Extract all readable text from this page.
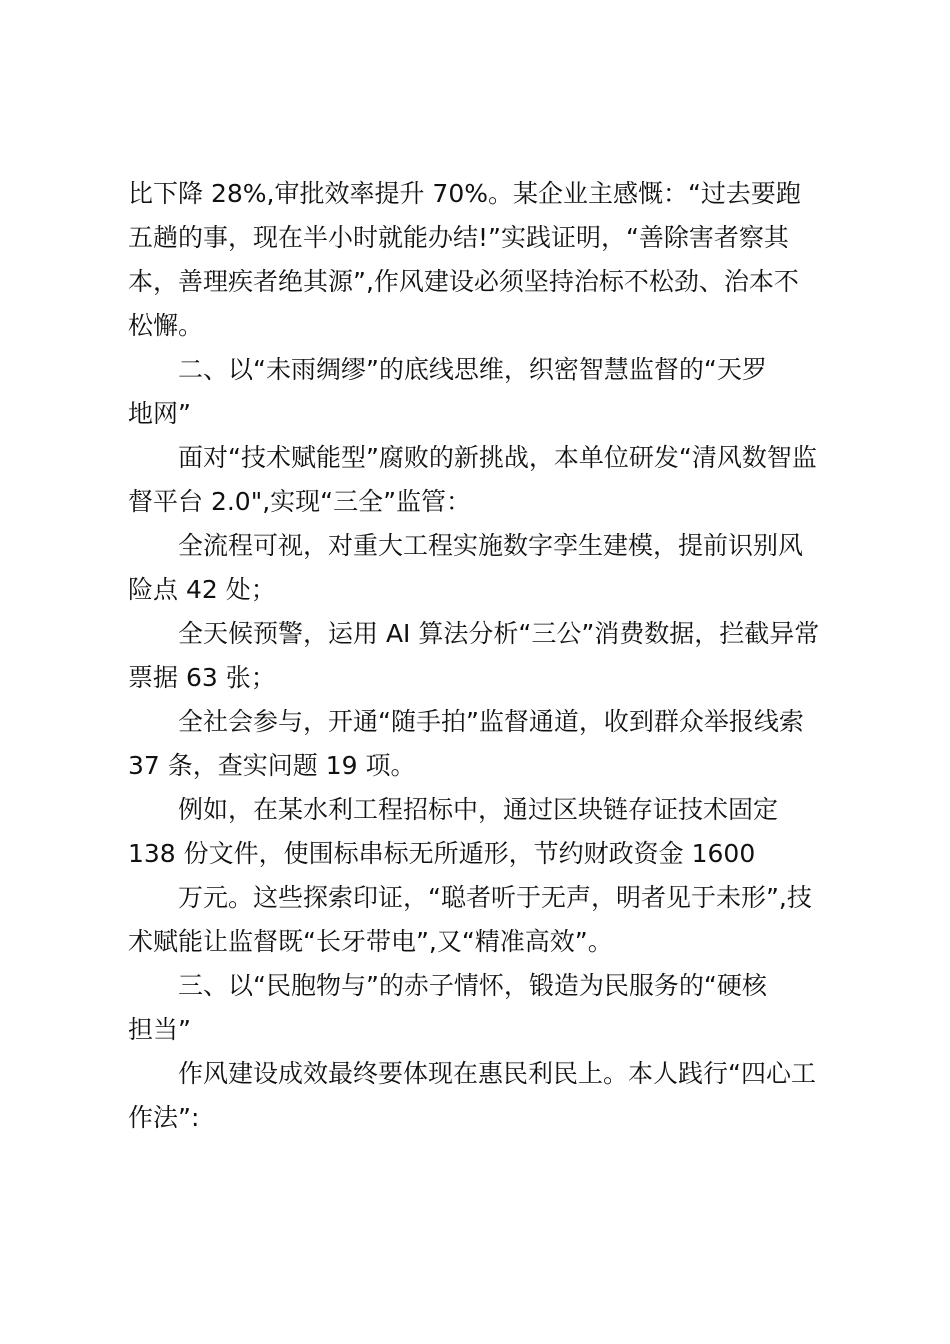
比下降 28%,审批效率提升 70%。某企业主感慨：“过去要跑
五趟的事，现在半小时就能办结!”实践证明，“善除害者察其
本，善理疾者绝其源”,作风建设必须坚持治标不松劲、治本不
松懈。
二、以“未雨绸缪”的底线思维，织密智慧监督的“天罗
地网”
面对“技术赋能型”腐败的新挑战，本单位研发“清风数智监
督平台 2.0",实现“三全”监管：
全流程可视，对重大工程实施数字孪生建模，提前识别风
险点 42 处；
全天候预警，运用 AI 算法分析“三公”消费数据，拦截异常
票据 63 张；
全社会参与，开通“随手拍”监督通道，收到群众举报线索
37 条，查实问题 19 项。
例如，在某水利工程招标中，通过区块链存证技术固定
138 份文件，使围标串标无所遁形，节约财政资金 1600
万元。这些探索印证，“聪者听于无声，明者见于未形”,技
术赋能让监督既“长牙带电”,又“精准高效”。
三、以“民胞物与”的赤子情怀，锻造为民服务的“硬核
担当”
作风建设成效最终要体现在惠民利民上。本人践行“四心工
作法”:
